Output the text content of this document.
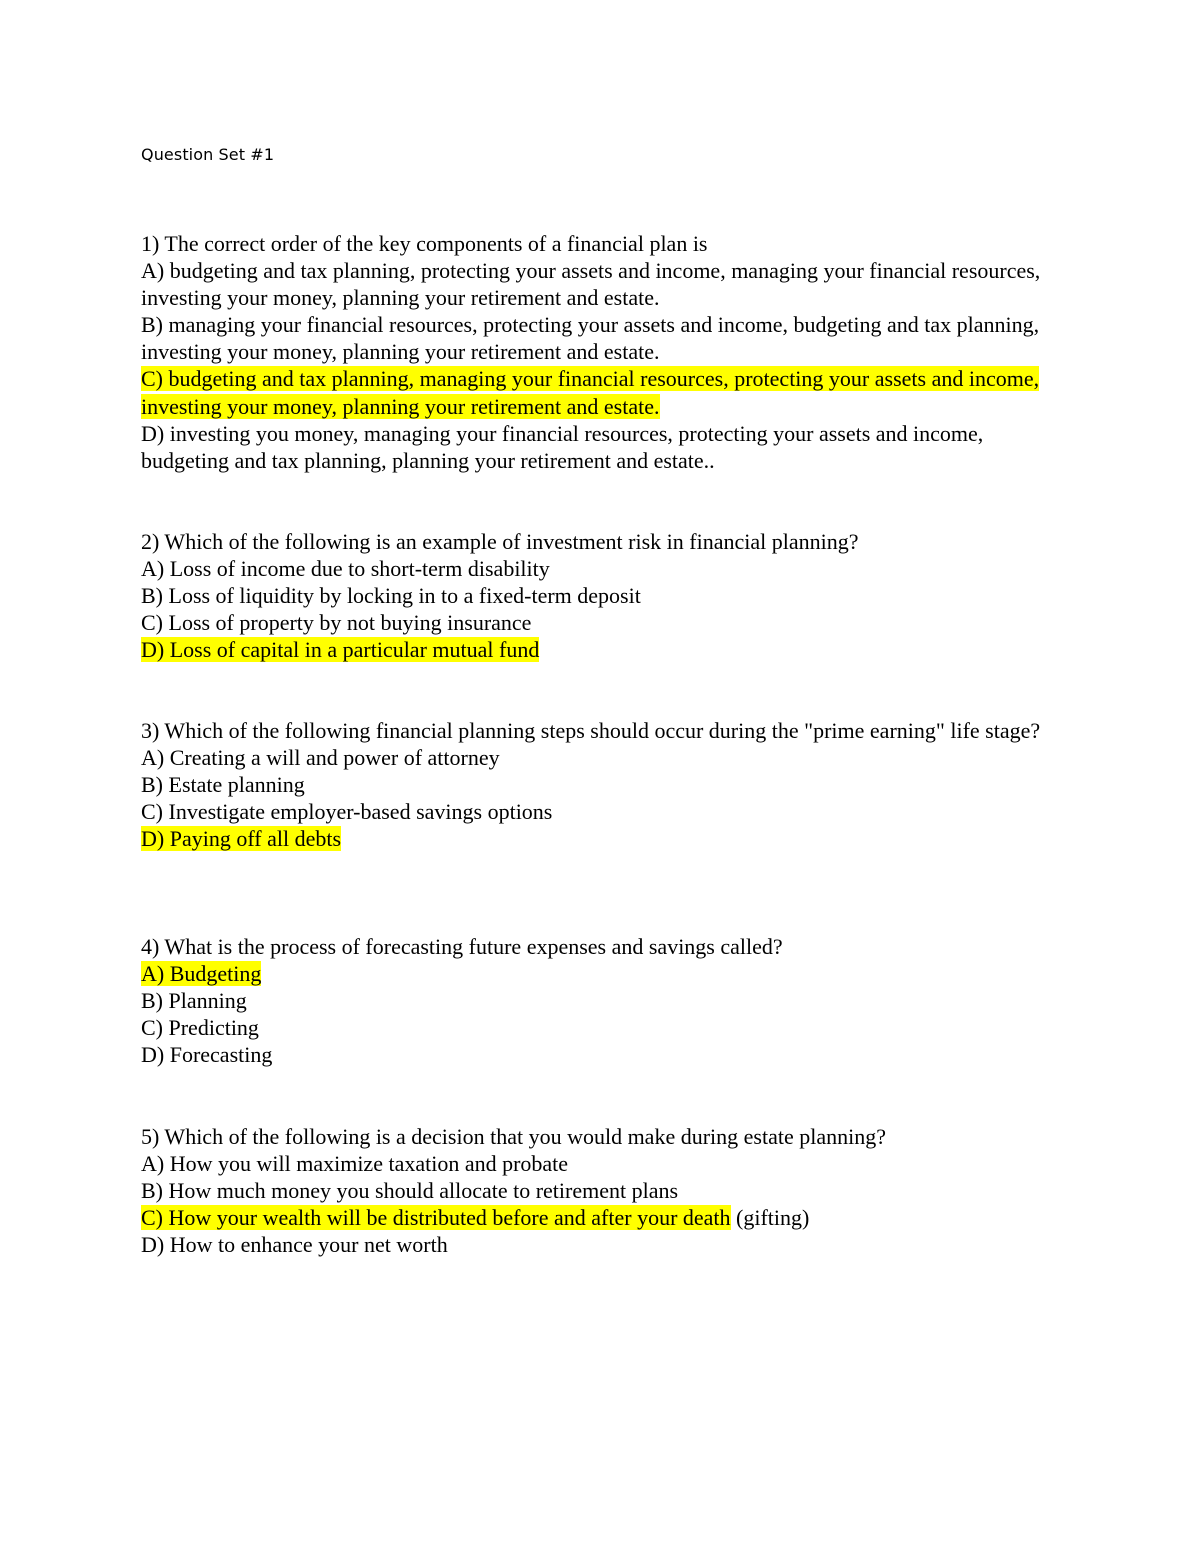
Question Set #1
1) The correct order of the key components of a financial plan is
A) budgeting and tax planning, protecting your assets and income, managing your financial resources, investing your money, planning your retirement and estate.
B) managing your financial resources, protecting your assets and income, budgeting and tax planning, investing your money, planning your retirement and estate.
C) budgeting and tax planning, managing your financial resources, protecting your assets and income, investing your money, planning your retirement and estate.
D) investing you money, managing your financial resources, protecting your assets and income, budgeting and tax planning, planning your retirement and estate..
2) Which of the following is an example of investment risk in financial planning?
A) Loss of income due to short-term disability
B) Loss of liquidity by locking in to a fixed-term deposit
C) Loss of property by not buying insurance
D) Loss of capital in a particular mutual fund
3) Which of the following financial planning steps should occur during the "prime earning" life stage?
A) Creating a will and power of attorney
B) Estate planning
C) Investigate employer-based savings options
D) Paying off all debts
4) What is the process of forecasting future expenses and savings called?
A) Budgeting
B) Planning
C) Predicting
D) Forecasting
5) Which of the following is a decision that you would make during estate planning?
A) How you will maximize taxation and probate
B) How much money you should allocate to retirement plans
C) How your wealth will be distributed before and after your death (gifting)
D) How to enhance your net worth
